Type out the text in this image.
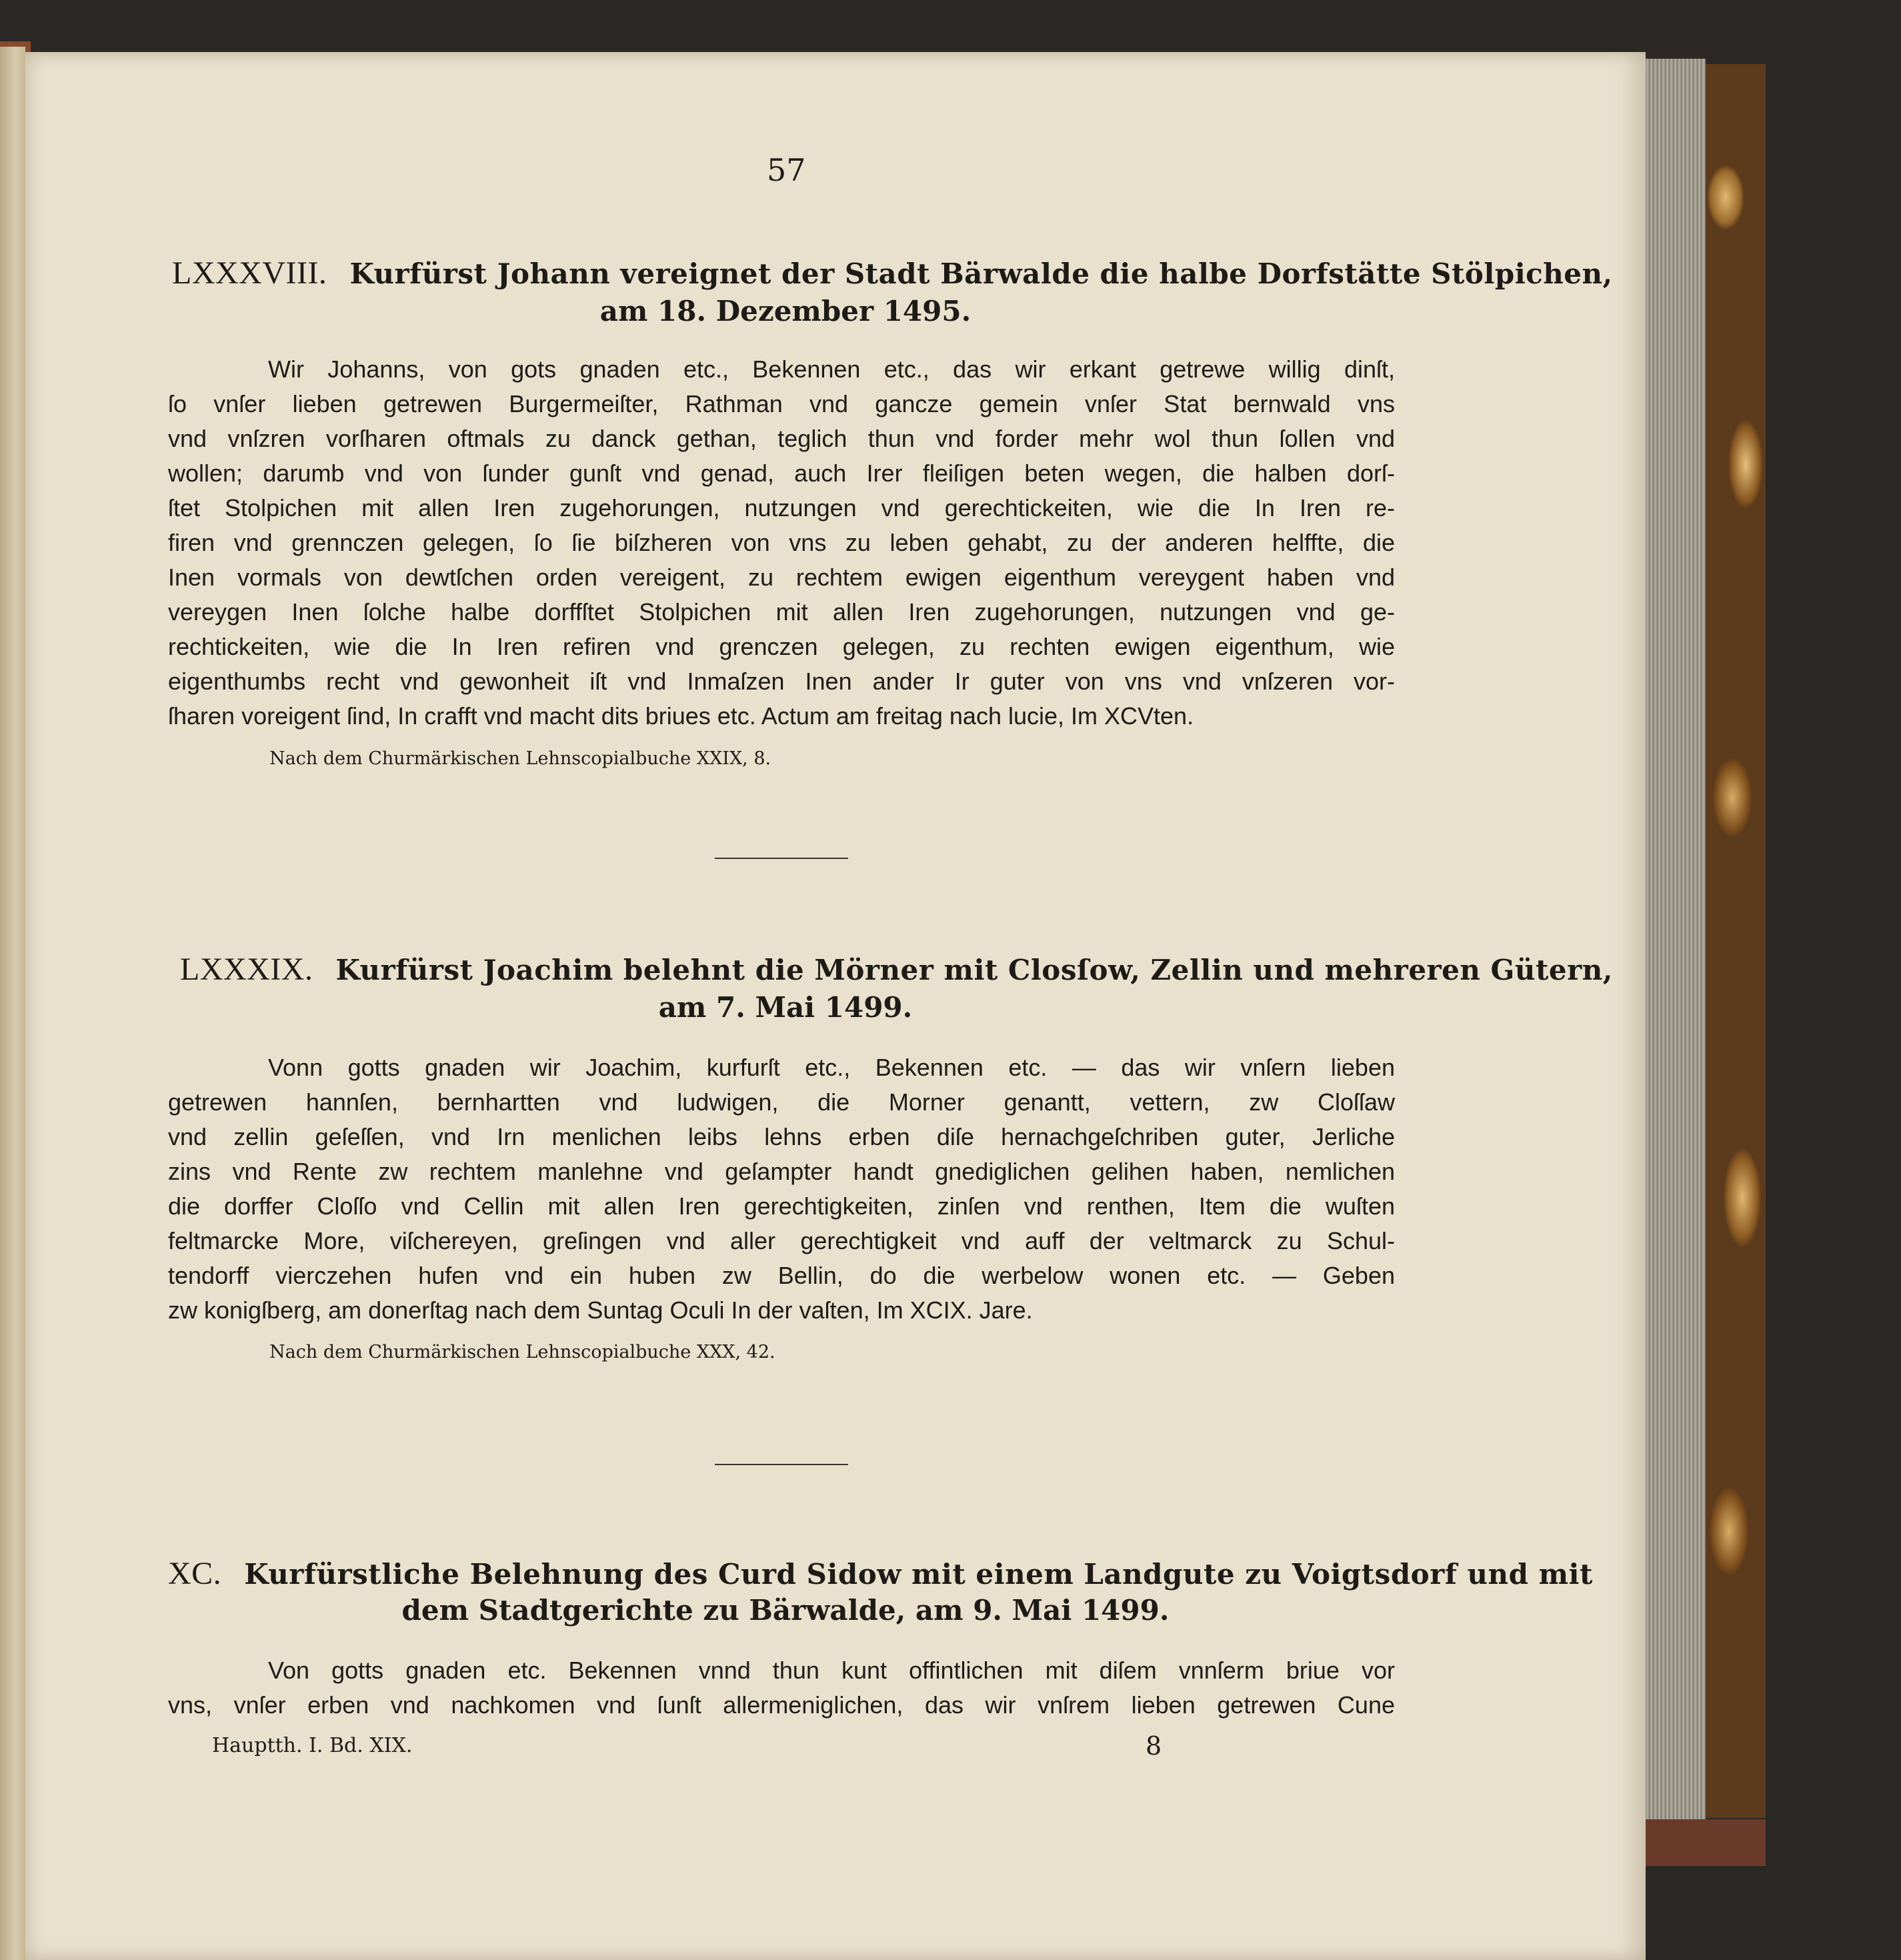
57
LXXXVIII. Kurfürst Johann vereignet der Stadt Bärwalde die halbe Dorfstätte Stölpichen,
am 18. Dezember 1495.
Wir Johanns, von gots gnaden etc., Bekennen etc., das wir erkant getrewe willig dinſt,
ſo vnſer lieben getrewen Burgermeiſter, Rathman vnd gancze gemein vnſer Stat bernwald vns
vnd vnſzren vorſharen oftmals zu danck gethan, teglich thun vnd forder mehr wol thun ſollen vnd
wollen; darumb vnd von ſunder gunſt vnd genad, auch Irer fleiſigen beten wegen, die halben dorſ-
ſtet Stolpichen mit allen Iren zugehorungen, nutzungen vnd gerechtickeiten, wie die In Iren re-
firen vnd grennczen gelegen, ſo ſie biſzheren von vns zu leben gehabt, zu der anderen helffte, die
Inen vormals von dewtſchen orden vereigent, zu rechtem ewigen eigenthum vereygent haben vnd
vereygen Inen ſolche halbe dorffſtet Stolpichen mit allen Iren zugehorungen, nutzungen vnd ge-
rechtickeiten, wie die In Iren refiren vnd grenczen gelegen, zu rechten ewigen eigenthum, wie
eigenthumbs recht vnd gewonheit iſt vnd Inmaſzen Inen ander Ir guter von vns vnd vnſzeren vor-
ſharen voreigent ſind, In crafft vnd macht dits briues etc. Actum am freitag nach lucie, Im XCVten.
Nach dem Churmärkischen Lehnscopialbuche XXIX, 8.
LXXXIX. Kurfürst Joachim belehnt die Mörner mit Closſow, Zellin und mehreren Gütern,
am 7. Mai 1499.
Vonn gotts gnaden wir Joachim, kurfurſt etc., Bekennen etc. — das wir vnſern lieben
getrewen hannſen, bernhartten vnd ludwigen, die Morner genantt, vettern, zw Cloſſaw
vnd zellin geſeſſen, vnd Irn menlichen leibs lehns erben diſe hernachgeſchriben guter, Jerliche
zins vnd Rente zw rechtem manlehne vnd geſampter handt gnediglichen gelihen haben, nemlichen
die dorffer Cloſſo vnd Cellin mit allen Iren gerechtigkeiten, zinſen vnd renthen, Item die wuſten
feltmarcke More, viſchereyen, greſingen vnd aller gerechtigkeit vnd auff der veltmarck zu Schul-
tendorff vierczehen hufen vnd ein huben zw Bellin, do die werbelow wonen etc. — Geben
zw konigſberg, am donerſtag nach dem Suntag Oculi In der vaſten, Im XCIX. Jare.
Nach dem Churmärkischen Lehnscopialbuche XXX, 42.
XC. Kurfürstliche Belehnung des Curd Sidow mit einem Landgute zu Voigtsdorf und mit
dem Stadtgerichte zu Bärwalde, am 9. Mai 1499.
Von gotts gnaden etc. Bekennen vnnd thun kunt offintlichen mit diſem vnnſerm briue vor
vns, vnſer erben vnd nachkomen vnd ſunſt allermeniglichen, das wir vnſrem lieben getrewen Cune
Hauptth. I. Bd. XIX.	8
